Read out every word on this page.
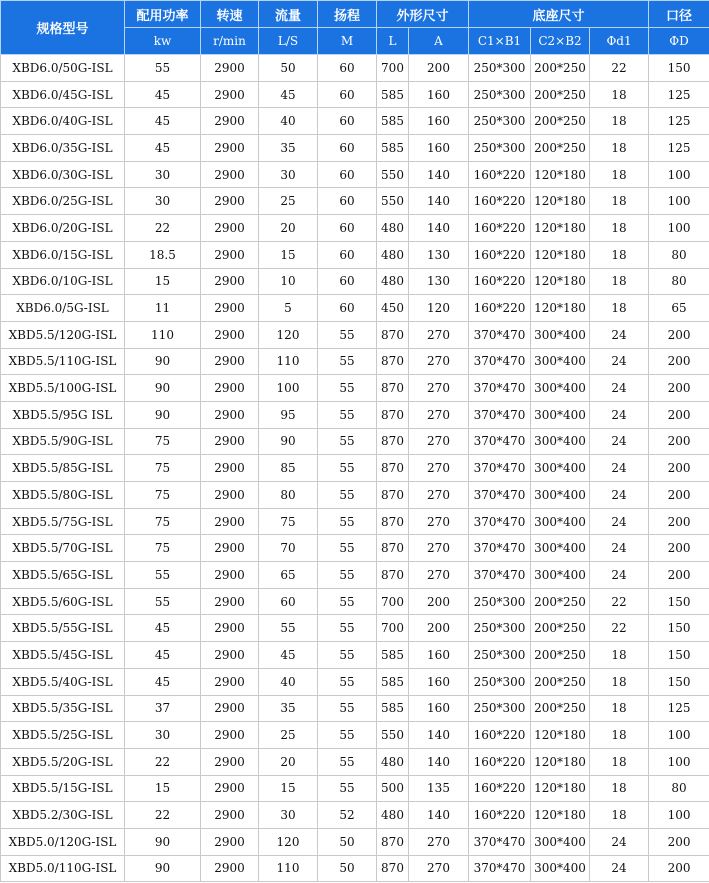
规格型号	配用功率	转速	流量	扬程	外形尺寸		底座尺寸			口径
	kw	r/min	L/S	M	L	A	C1×B1	C2×B2	Φd1	ΦD
XBD6.0/50G-ISL	55	2900	50	60	700	200	250*300	200*250	22	150
XBD6.0/45G-ISL	45	2900	45	60	585	160	250*300	200*250	18	125
XBD6.0/40G-ISL	45	2900	40	60	585	160	250*300	200*250	18	125
XBD6.0/35G-ISL	45	2900	35	60	585	160	250*300	200*250	18	125
XBD6.0/30G-ISL	30	2900	30	60	550	140	160*220	120*180	18	100
XBD6.0/25G-ISL	30	2900	25	60	550	140	160*220	120*180	18	100
XBD6.0/20G-ISL	22	2900	20	60	480	140	160*220	120*180	18	100
XBD6.0/15G-ISL	18.5	2900	15	60	480	130	160*220	120*180	18	80
XBD6.0/10G-ISL	15	2900	10	60	480	130	160*220	120*180	18	80
XBD6.0/5G-ISL	11	2900	5	60	450	120	160*220	120*180	18	65
XBD5.5/120G-ISL	110	2900	120	55	870	270	370*470	300*400	24	200
XBD5.5/110G-ISL	90	2900	110	55	870	270	370*470	300*400	24	200
XBD5.5/100G-ISL	90	2900	100	55	870	270	370*470	300*400	24	200
XBD5.5/95G ISL	90	2900	95	55	870	270	370*470	300*400	24	200
XBD5.5/90G-ISL	75	2900	90	55	870	270	370*470	300*400	24	200
XBD5.5/85G-ISL	75	2900	85	55	870	270	370*470	300*400	24	200
XBD5.5/80G-ISL	75	2900	80	55	870	270	370*470	300*400	24	200
XBD5.5/75G-ISL	75	2900	75	55	870	270	370*470	300*400	24	200
XBD5.5/70G-ISL	75	2900	70	55	870	270	370*470	300*400	24	200
XBD5.5/65G-ISL	55	2900	65	55	870	270	370*470	300*400	24	200
XBD5.5/60G-ISL	55	2900	60	55	700	200	250*300	200*250	22	150
XBD5.5/55G-ISL	45	2900	55	55	700	200	250*300	200*250	22	150
XBD5.5/45G-ISL	45	2900	45	55	585	160	250*300	200*250	18	150
XBD5.5/40G-ISL	45	2900	40	55	585	160	250*300	200*250	18	150
XBD5.5/35G-ISL	37	2900	35	55	585	160	250*300	200*250	18	125
XBD5.5/25G-ISL	30	2900	25	55	550	140	160*220	120*180	18	100
XBD5.5/20G-ISL	22	2900	20	55	480	140	160*220	120*180	18	100
XBD5.5/15G-ISL	15	2900	15	55	500	135	160*220	120*180	18	80
XBD5.2/30G-ISL	22	2900	30	52	480	140	160*220	120*180	18	100
XBD5.0/120G-ISL	90	2900	120	50	870	270	370*470	300*400	24	200
XBD5.0/110G-ISL	90	2900	110	50	870	270	370*470	300*400	24	200
